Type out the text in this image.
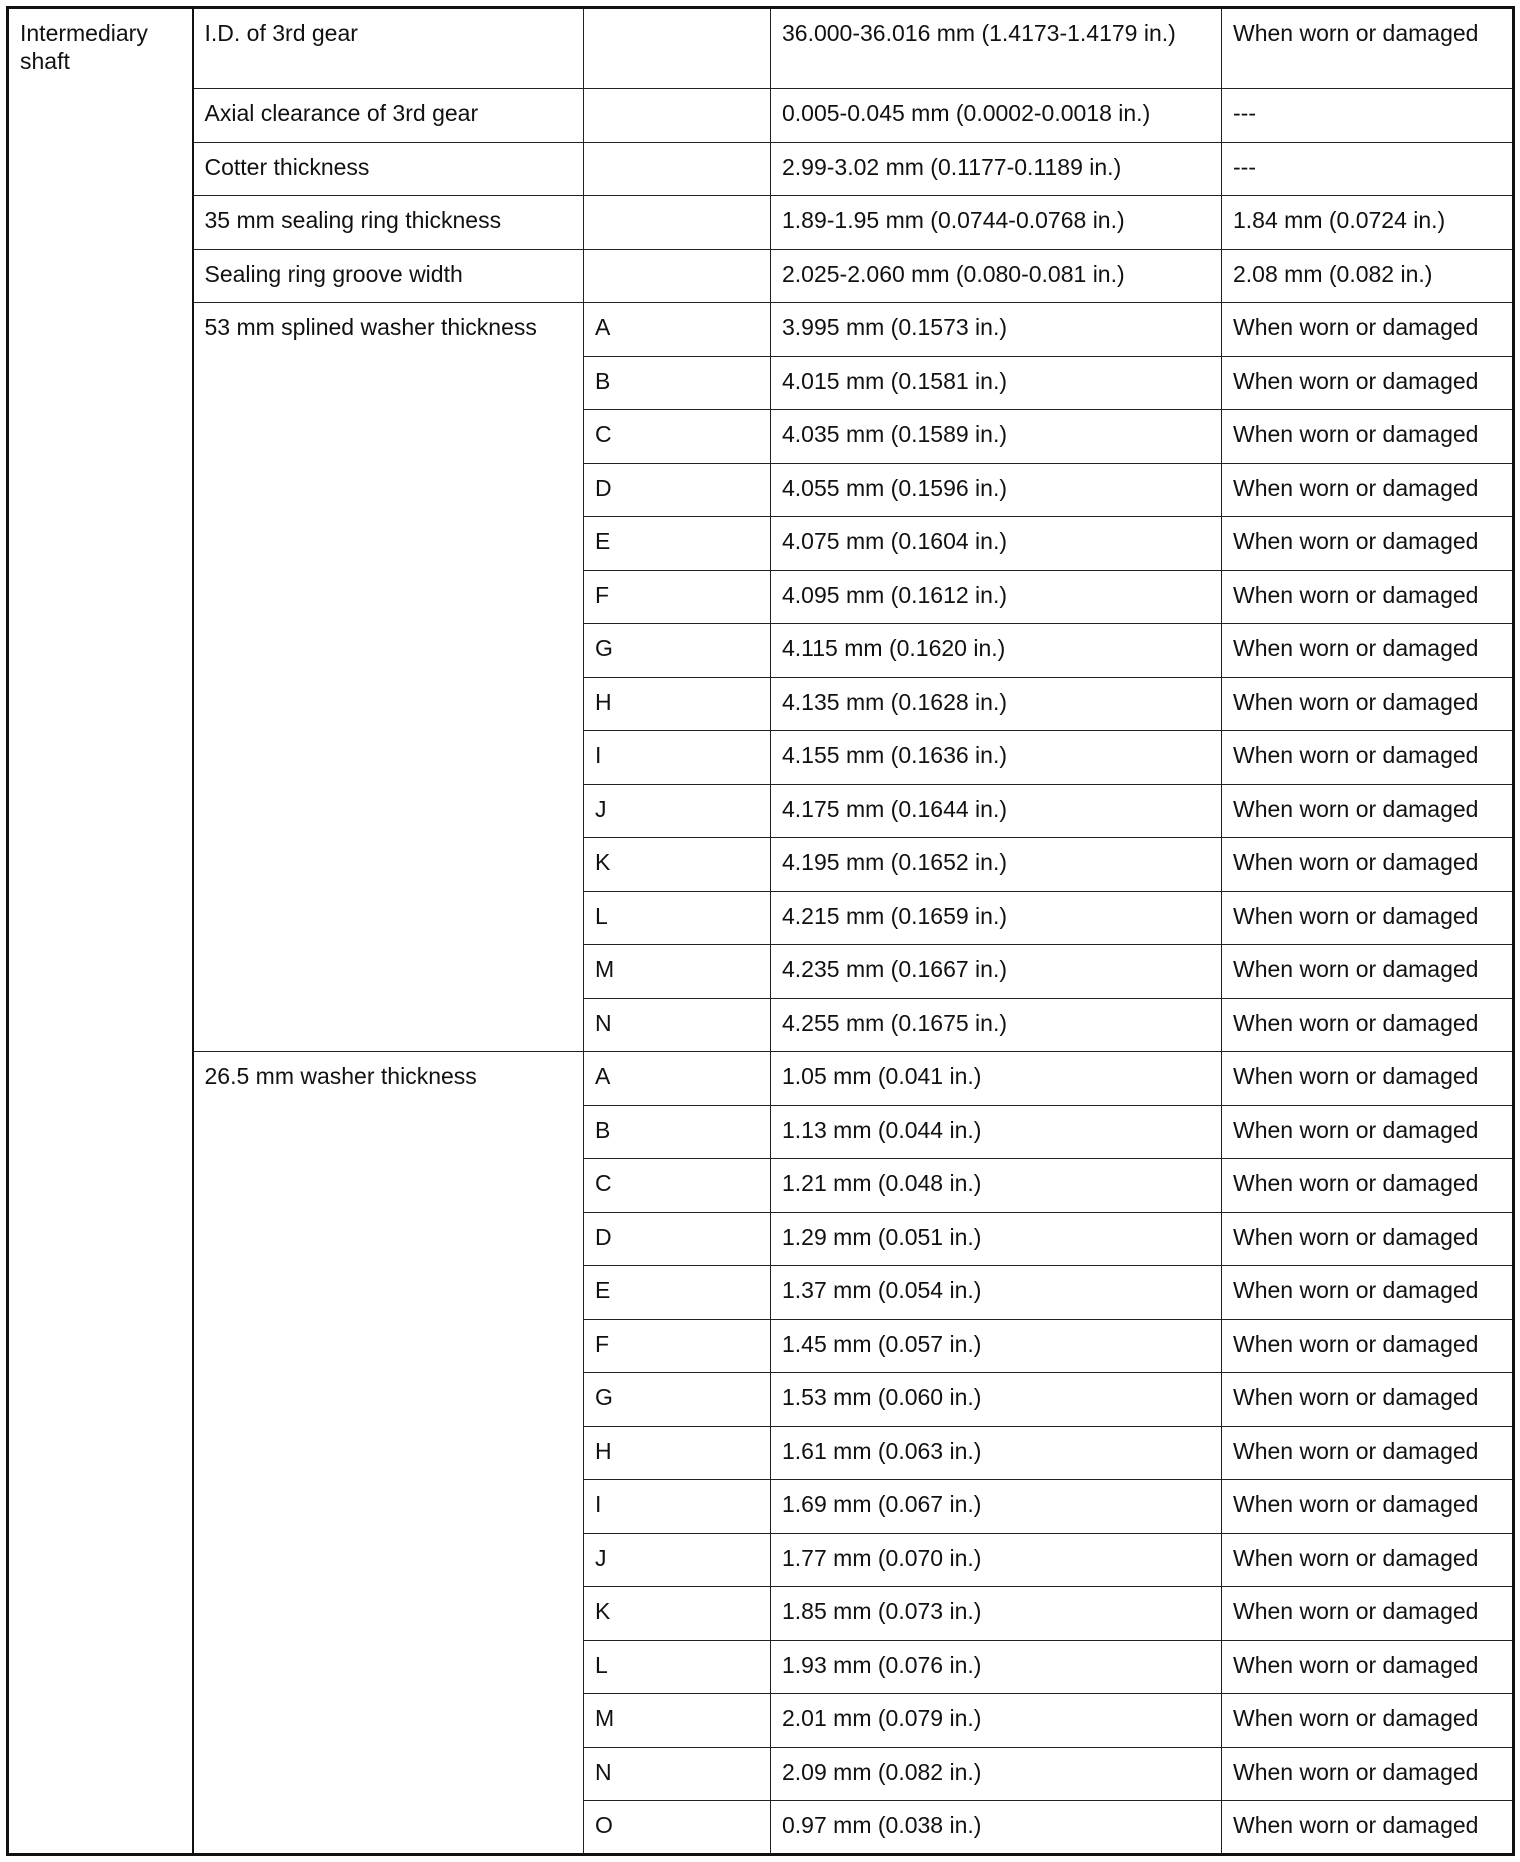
Intermediary shaft	I.D. of 3rd gear		36.000-36.016 mm (1.4173-1.4179 in.)	When worn or damaged
	Axial clearance of 3rd gear		0.005-0.045 mm (0.0002-0.0018 in.)	---
	Cotter thickness		2.99-3.02 mm (0.1177-0.1189 in.)	---
	35 mm sealing ring thickness		1.89-1.95 mm (0.0744-0.0768 in.)	1.84 mm (0.0724 in.)
	Sealing ring groove width		2.025-2.060 mm (0.080-0.081 in.)	2.08 mm (0.082 in.)
	53 mm splined washer thickness	A	3.995 mm (0.1573 in.)	When worn or damaged
		B	4.015 mm (0.1581 in.)	When worn or damaged
		C	4.035 mm (0.1589 in.)	When worn or damaged
		D	4.055 mm (0.1596 in.)	When worn or damaged
		E	4.075 mm (0.1604 in.)	When worn or damaged
		F	4.095 mm (0.1612 in.)	When worn or damaged
		G	4.115 mm (0.1620 in.)	When worn or damaged
		H	4.135 mm (0.1628 in.)	When worn or damaged
		I	4.155 mm (0.1636 in.)	When worn or damaged
		J	4.175 mm (0.1644 in.)	When worn or damaged
		K	4.195 mm (0.1652 in.)	When worn or damaged
		L	4.215 mm (0.1659 in.)	When worn or damaged
		M	4.235 mm (0.1667 in.)	When worn or damaged
		N	4.255 mm (0.1675 in.)	When worn or damaged
	26.5 mm washer thickness	A	1.05 mm (0.041 in.)	When worn or damaged
		B	1.13 mm (0.044 in.)	When worn or damaged
		C	1.21 mm (0.048 in.)	When worn or damaged
		D	1.29 mm (0.051 in.)	When worn or damaged
		E	1.37 mm (0.054 in.)	When worn or damaged
		F	1.45 mm (0.057 in.)	When worn or damaged
		G	1.53 mm (0.060 in.)	When worn or damaged
		H	1.61 mm (0.063 in.)	When worn or damaged
		I	1.69 mm (0.067 in.)	When worn or damaged
		J	1.77 mm (0.070 in.)	When worn or damaged
		K	1.85 mm (0.073 in.)	When worn or damaged
		L	1.93 mm (0.076 in.)	When worn or damaged
		M	2.01 mm (0.079 in.)	When worn or damaged
		N	2.09 mm (0.082 in.)	When worn or damaged
		O	0.97 mm (0.038 in.)	When worn or damaged
